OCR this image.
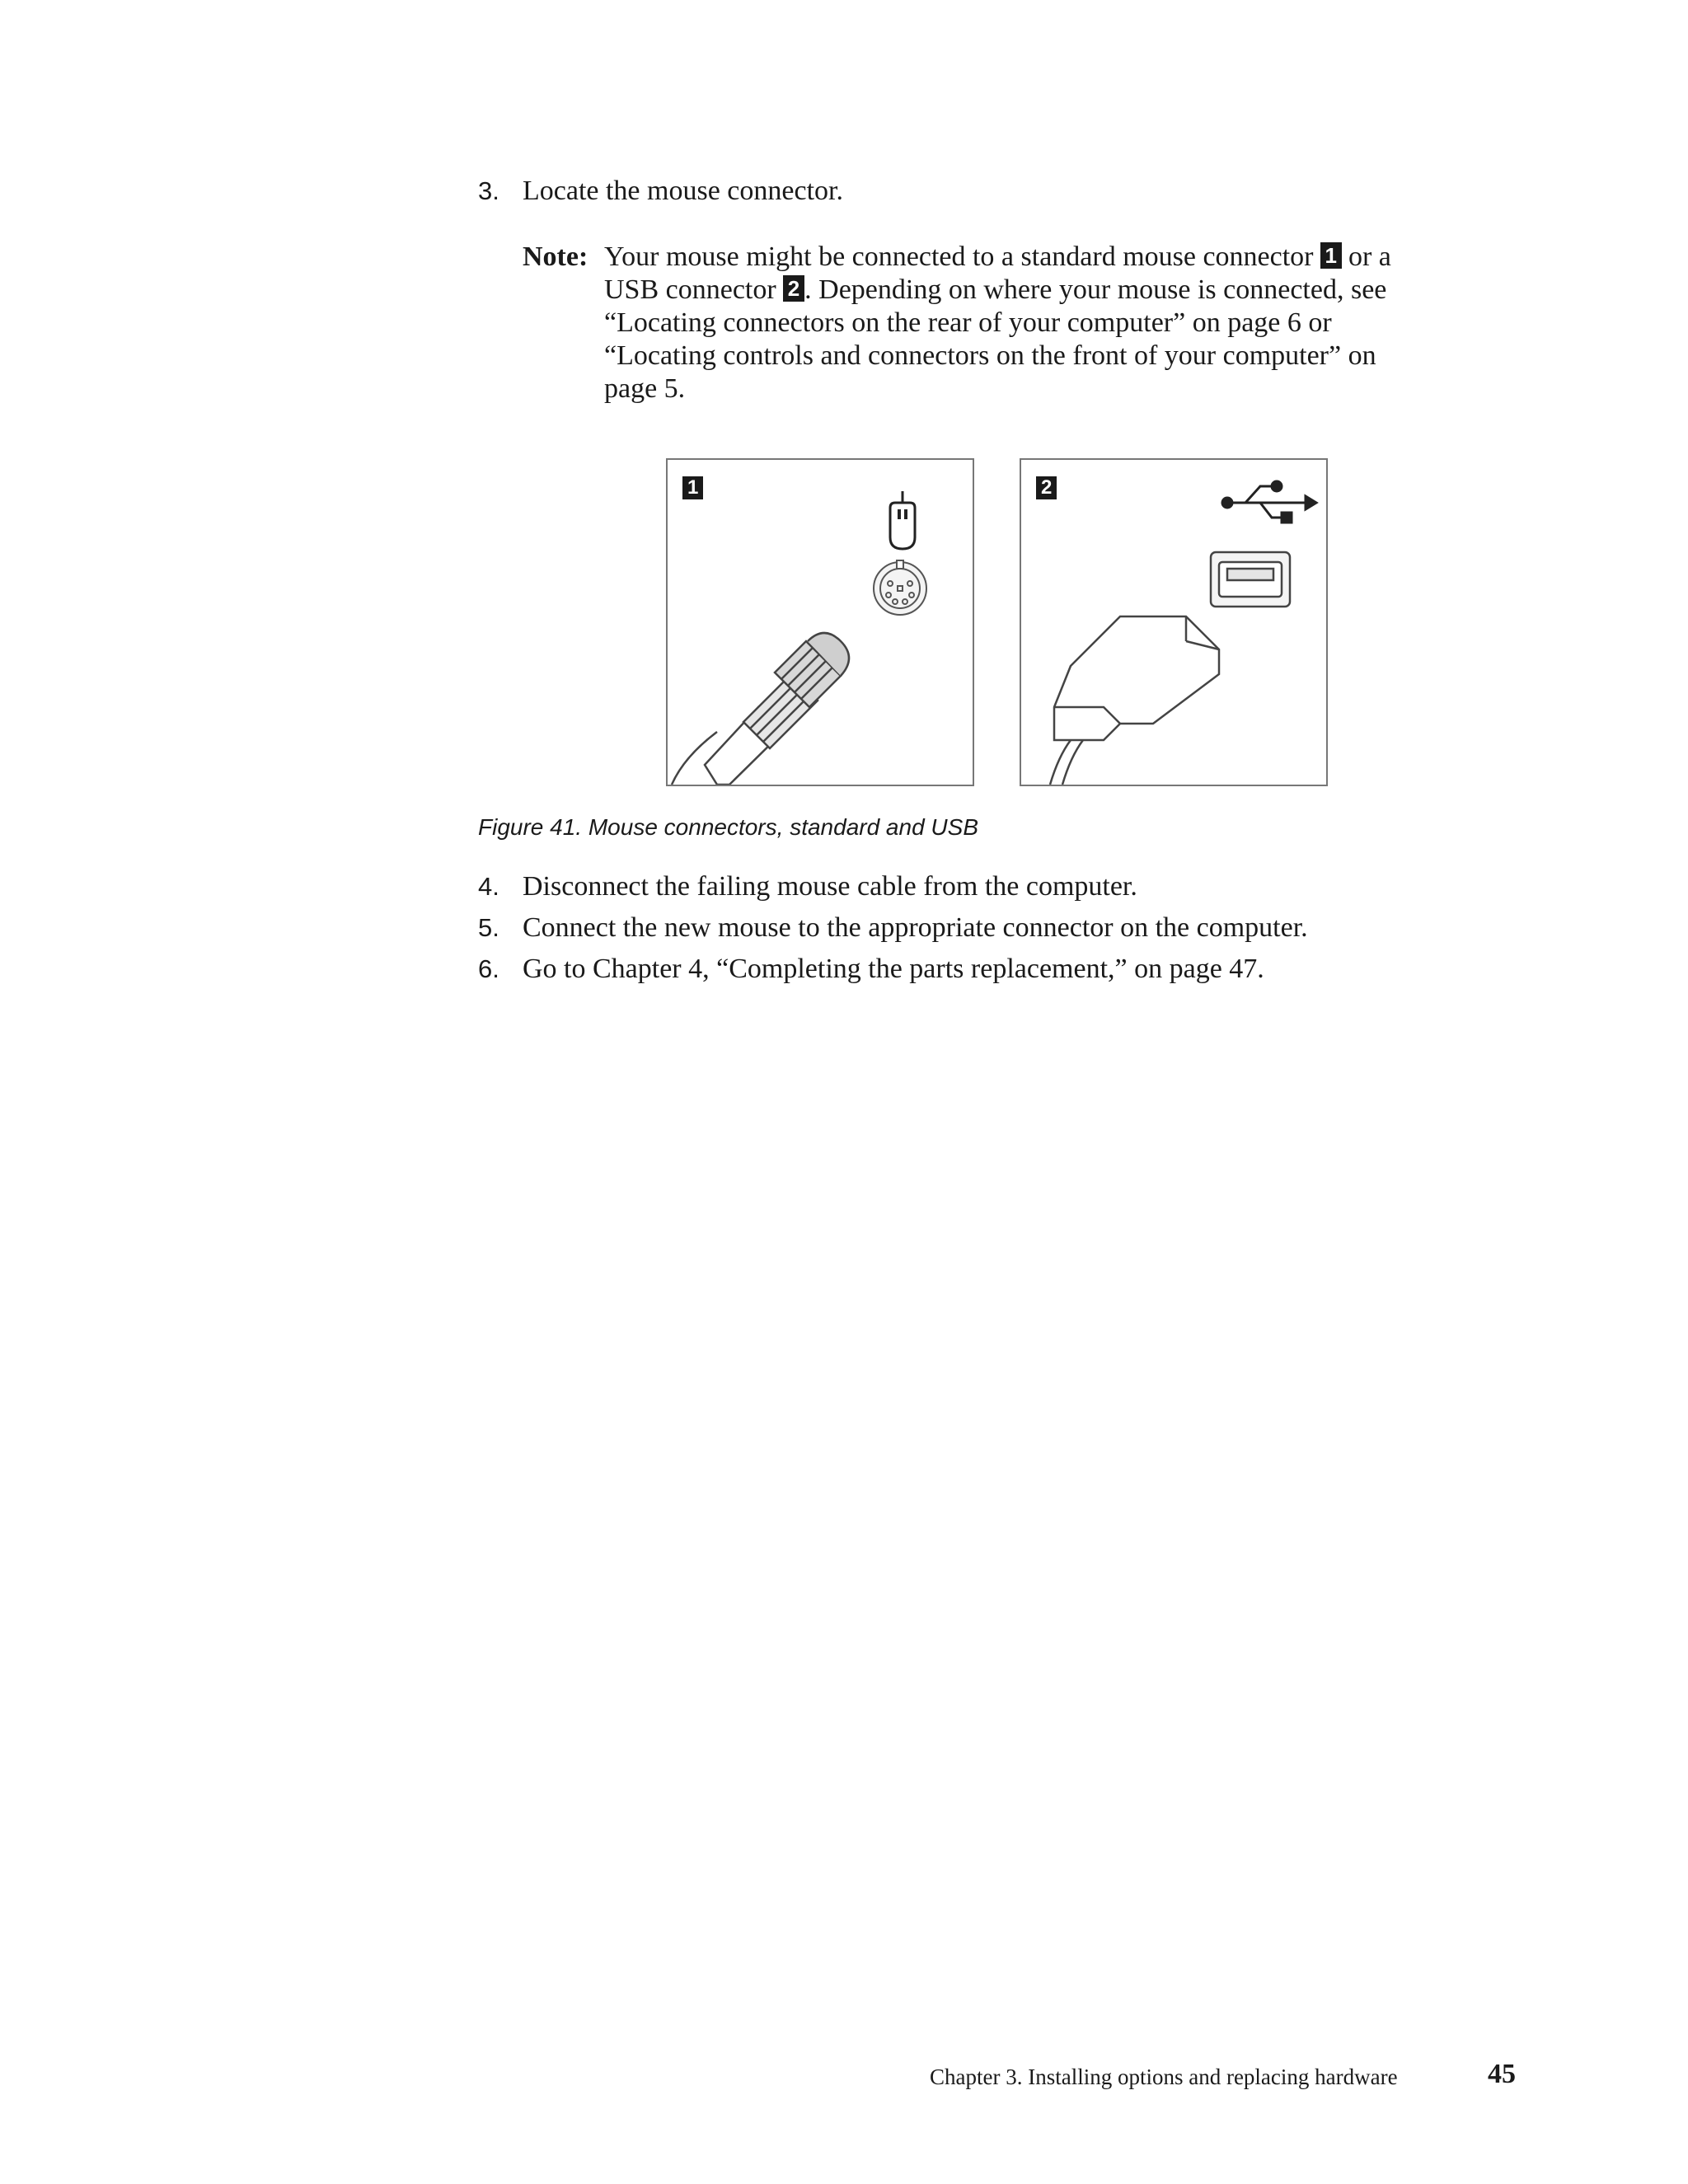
3. Locate the mouse connector.
Note: Your mouse might be connected to a standard mouse connector 1 or a
USB connector 2 . Depending on where your mouse is connected, see
“Locating connectors on the rear of your computer” on page 6 or
“Locating controls and connectors on the front of your computer” on
page 5.
1	2
Figure 41. Mouse connectors, standard and USB
4. Disconnect the failing mouse cable from the computer.
5. Connect the new mouse to the appropriate connector on the computer.
6. Go to Chapter 4, “Completing the parts replacement,” on page 47.
Chapter 3. Installing options and replacing hardware	45
